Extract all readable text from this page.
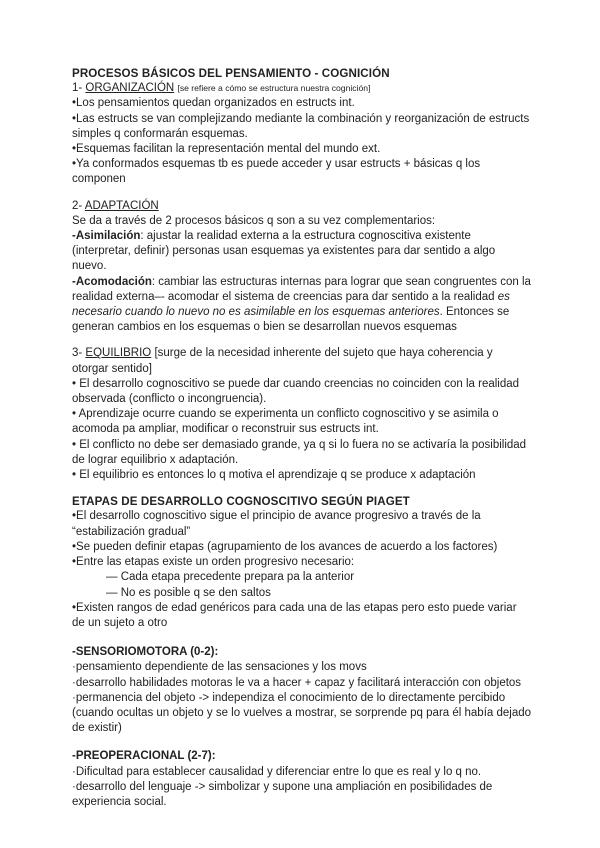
PROCESOS BÁSICOS DEL PENSAMIENTO - COGNICIÓN

1- ORGANIZACIÓN [se refiere a cómo se estructura nuestra cognición]

•Los pensamientos quedan organizados en estructs int.

•Las estructs se van complejizando mediante la combinación y reorganización de estructs simples q conformarán esquemas.

•Esquemas facilitan la representación mental del mundo ext.

•Ya conformados esquemas tb es puede acceder y usar estructs + básicas q los componen

2- ADAPTACIÓN

Se da a través de 2 procesos básicos q son a su vez complementarios:

-Asimilación: ajustar la realidad externa a la estructura cognoscitiva existente (interpretar, definir) personas usan esquemas ya existentes para dar sentido a algo nuevo.

-Acomodación: cambiar las estructuras internas para lograr que sean congruentes con la realidad externa–- acomodar el sistema de creencias para dar sentido a la realidad es necesario cuando lo nuevo no es asimilable en los esquemas anteriores. Entonces se generan cambios en los esquemas o bien se desarrollan nuevos esquemas

3- EQUILIBRIO [surge de la necesidad inherente del sujeto que haya coherencia y otorgar sentido]

• El desarrollo cognoscitivo se puede dar cuando creencias no coinciden con la realidad observada (conflicto o incongruencia).

• Aprendizaje ocurre cuando se experimenta un conflicto cognoscitivo y se asimila o acomoda pa ampliar, modificar o reconstruir sus estructs int.

• El conflicto no debe ser demasiado grande, ya q si lo fuera no se activaría la posibilidad de lograr equilibrio x adaptación.

• El equilibrio es entonces lo q motiva el aprendizaje q se produce x adaptación

ETAPAS DE DESARROLLO COGNOSCITIVO SEGÚN PIAGET

•El desarrollo cognoscitivo sigue el principio de avance progresivo a través de la “estabilización gradual”

•Se pueden definir etapas (agrupamiento de los avances de acuerdo a los factores)

•Entre las etapas existe un orden progresivo necesario:

— Cada etapa precedente prepara pa la anterior

— No es posible q se den saltos

•Existen rangos de edad genéricos para cada una de las etapas pero esto puede variar de un sujeto a otro

-SENSORIOMOTORA (0-2):

·pensamiento dependiente de las sensaciones y los movs

·desarrollo habilidades motoras le va a hacer + capaz y facilitará interacción con objetos

·permanencia del objeto -> independiza el conocimiento de lo directamente percibido (cuando ocultas un objeto y se lo vuelves a mostrar, se sorprende pq para él había dejado de existir)

-PREOPERACIONAL (2-7):

·Dificultad para establecer causalidad y diferenciar entre lo que es real y lo q no.

·desarrollo del lenguaje -> simbolizar y supone una ampliación en posibilidades de experiencia social.
